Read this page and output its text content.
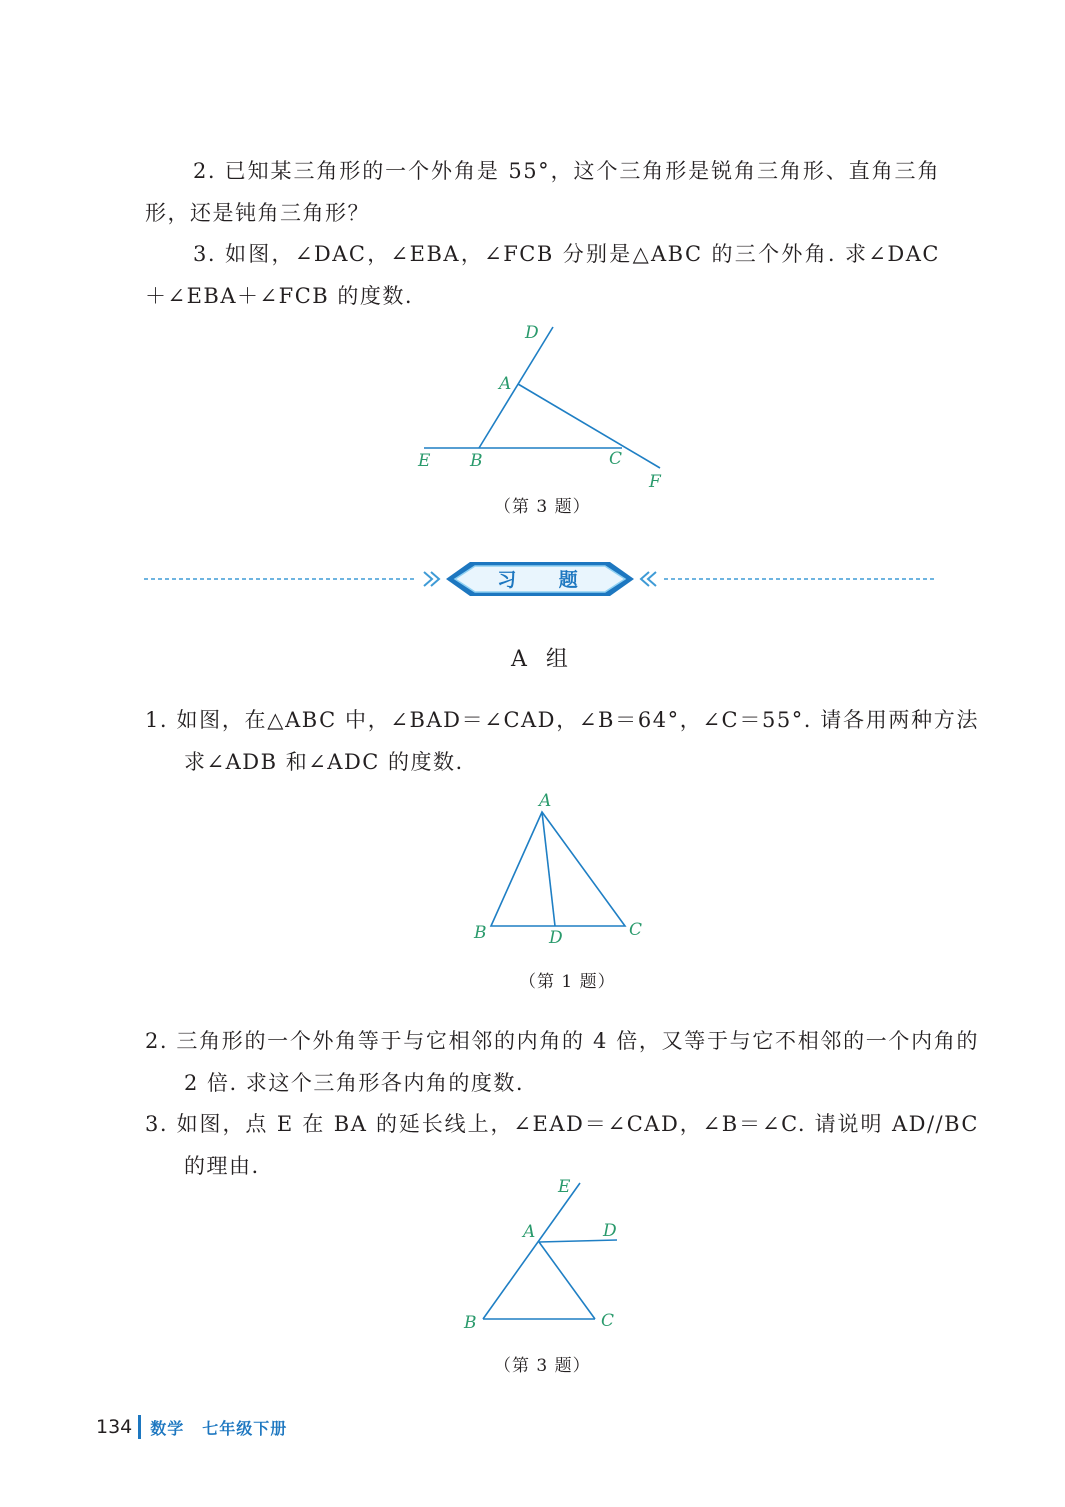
2. 已知某三角形的一个外角是 55°，这个三角形是锐角三角形、直角三角形，还是钝角三角形？

3. 如图，∠DAC，∠EBA，∠FCB 分别是△ABC 的三个外角. 求∠DAC＋∠EBA＋∠FCB 的度数.

D
A
E B	C
F
（第 3 题）
习 题
A 组

1. 如图，在△ABC 中，∠BAD＝∠CAD，∠B＝64°，∠C＝55°. 请各用两种方法求∠ADB 和∠ADC 的度数.

A
B	D	C
（第 1 题）

2. 三角形的一个外角等于与它相邻的内角的 4 倍，又等于与它不相邻的一个内角的 2 倍. 求这个三角形各内角的度数.

3. 如图，点 E 在 BA 的延长线上，∠EAD＝∠CAD，∠B＝∠C. 请说明 AD//BC 的理由.

E
A	D
B	C
（第 3 题）
134 数学 七年级下册
